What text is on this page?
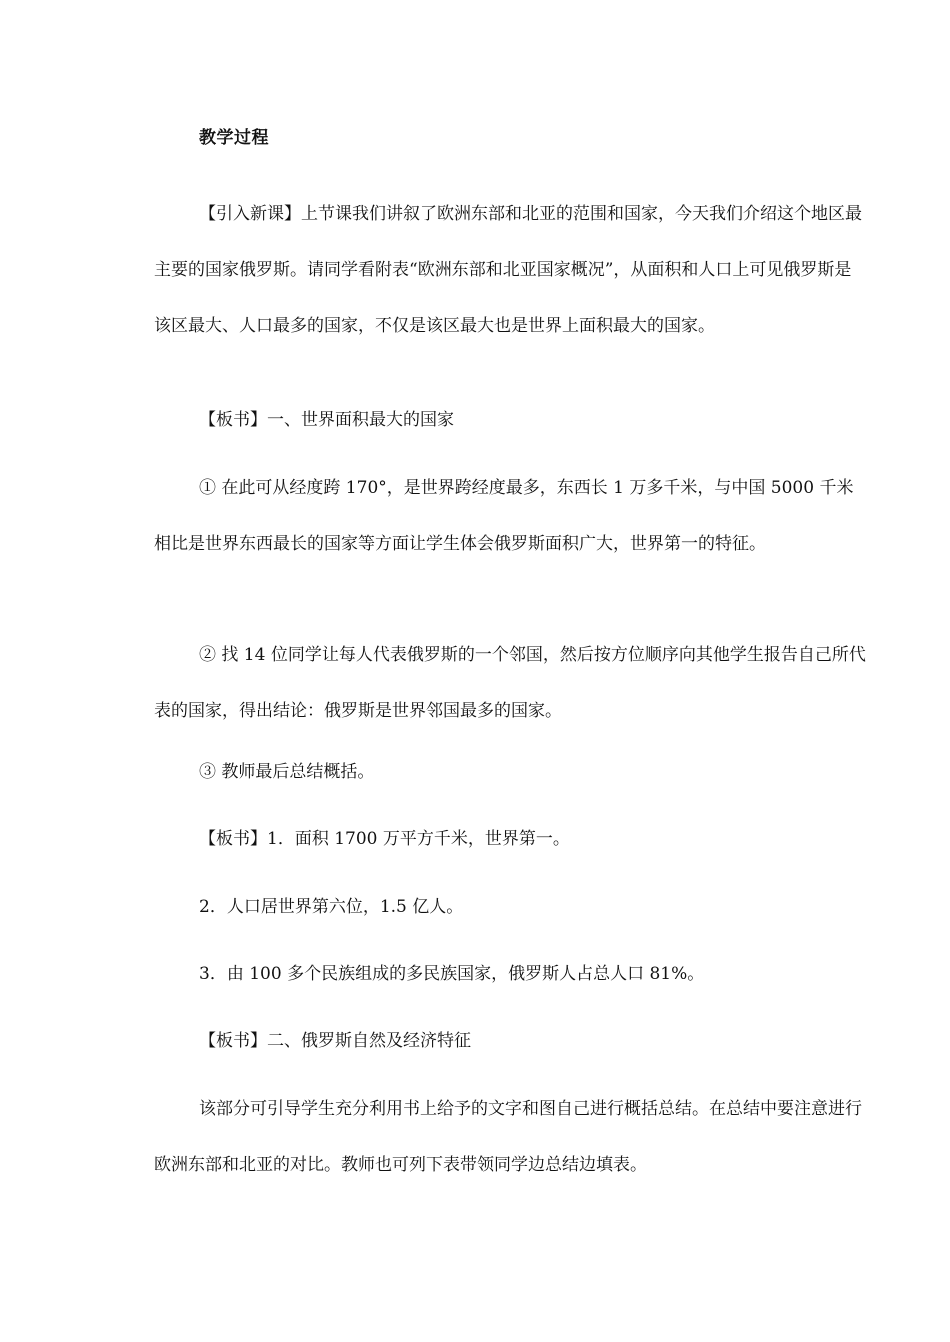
教学过程
【引入新课】上节课我们讲叙了欧洲东部和北亚的范围和国家，今天我们介绍这个地区最主要的国家俄罗斯。请同学看附表“欧洲东部和北亚国家概况”，从面积和人口上可见俄罗斯是该区最大、人口最多的国家，不仅是该区最大也是世界上面积最大的国家。
【板书】一、世界面积最大的国家
① 在此可从经度跨 170°，是世界跨经度最多，东西长 1 万多千米，与中国 5000 千米相比是世界东西最长的国家等方面让学生体会俄罗斯面积广大，世界第一的特征。
② 找 14 位同学让每人代表俄罗斯的一个邻国，然后按方位顺序向其他学生报告自己所代表的国家，得出结论：俄罗斯是世界邻国最多的国家。
③ 教师最后总结概括。
【板书】1．面积 1700 万平方千米，世界第一。
2．人口居世界第六位，1.5 亿人。
3．由 100 多个民族组成的多民族国家，俄罗斯人占总人口 81%。
【板书】二、俄罗斯自然及经济特征
该部分可引导学生充分利用书上给予的文字和图自己进行概括总结。在总结中要注意进行欧洲东部和北亚的对比。教师也可列下表带领同学边总结边填表。
